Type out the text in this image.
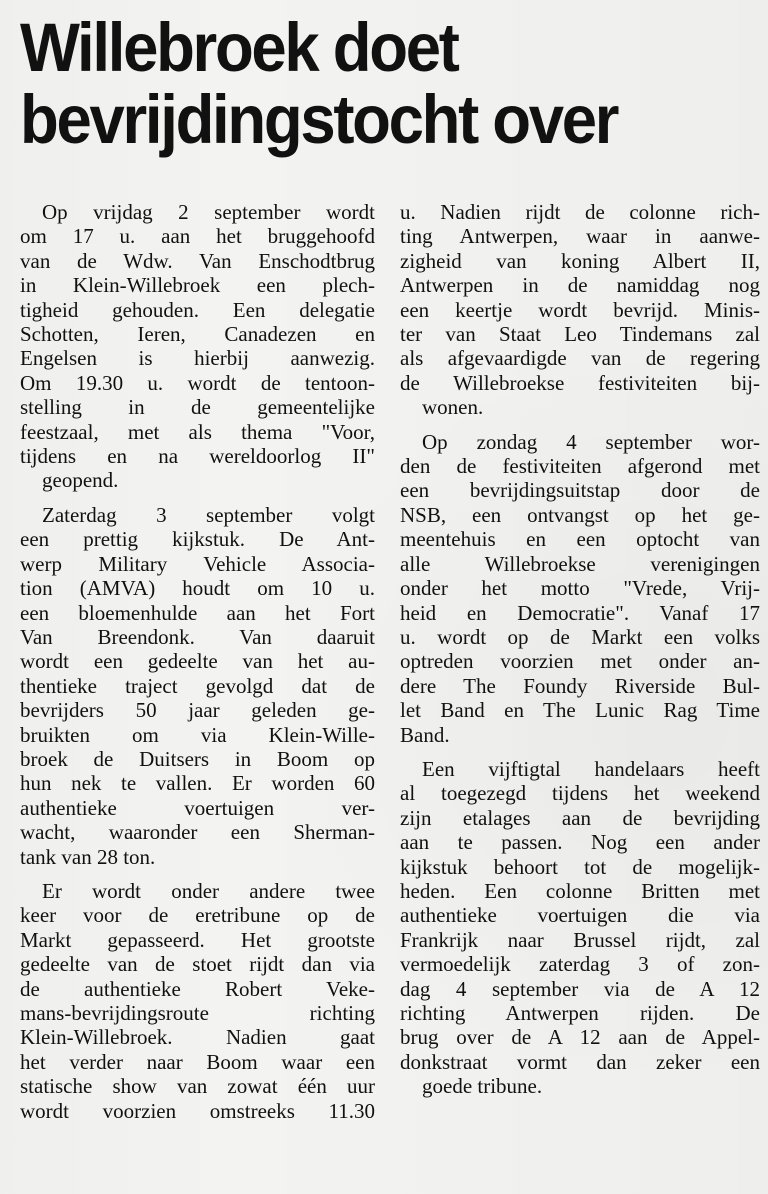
Willebroek doet
bevrijdingstocht over

Op vrijdag 2 september wordt
om 17 u. aan het bruggehoofd
van de Wdw. Van Enschodtbrug
in Klein-Willebroek een plech-
tigheid gehouden. Een delegatie
Schotten, Ieren, Canadezen en
Engelsen is hierbij aanwezig.
Om 19.30 u. wordt de tentoon-
stelling in de gemeentelijke
feestzaal, met als thema "Voor,
tijdens en na wereldoorlog II"
geopend.

Zaterdag 3 september volgt
een prettig kijkstuk. De Ant-
werp Military Vehicle Associa-
tion (AMVA) houdt om 10 u.
een bloemenhulde aan het Fort
Van Breendonk. Van daaruit
wordt een gedeelte van het au-
thentieke traject gevolgd dat de
bevrijders 50 jaar geleden ge-
bruikten om via Klein-Wille-
broek de Duitsers in Boom op
hun nek te vallen. Er worden 60
authentieke voertuigen ver-
wacht, waaronder een Sherman-
tank van 28 ton.

Er wordt onder andere twee
keer voor de eretribune op de
Markt gepasseerd. Het grootste
gedeelte van de stoet rijdt dan via
de authentieke Robert Veke-
mans-bevrijdingsroute richting
Klein-Willebroek. Nadien gaat
het verder naar Boom waar een
statische show van zowat één uur
wordt voorzien omstreeks 11.30

u. Nadien rijdt de colonne rich-
ting Antwerpen, waar in aanwe-
zigheid van koning Albert II,
Antwerpen in de namiddag nog
een keertje wordt bevrijd. Minis-
ter van Staat Leo Tindemans zal
als afgevaardigde van de regering
de Willebroekse festiviteiten bij-
wonen.

Op zondag 4 september wor-
den de festiviteiten afgerond met
een bevrijdingsuitstap door de
NSB, een ontvangst op het ge-
meentehuis en een optocht van
alle Willebroekse verenigingen
onder het motto "Vrede, Vrij-
heid en Democratie". Vanaf 17
u. wordt op de Markt een volks
optreden voorzien met onder an-
dere The Foundy Riverside Bul-
let Band en The Lunic Rag Time
Band.

Een vijftigtal handelaars heeft
al toegezegd tijdens het weekend
zijn etalages aan de bevrijding
aan te passen. Nog een ander
kijkstuk behoort tot de mogelijk-
heden. Een colonne Britten met
authentieke voertuigen die via
Frankrijk naar Brussel rijdt, zal
vermoedelijk zaterdag 3 of zon-
dag 4 september via de A 12
richting Antwerpen rijden. De
brug over de A 12 aan de Appel-
donkstraat vormt dan zeker een
goede tribune.
